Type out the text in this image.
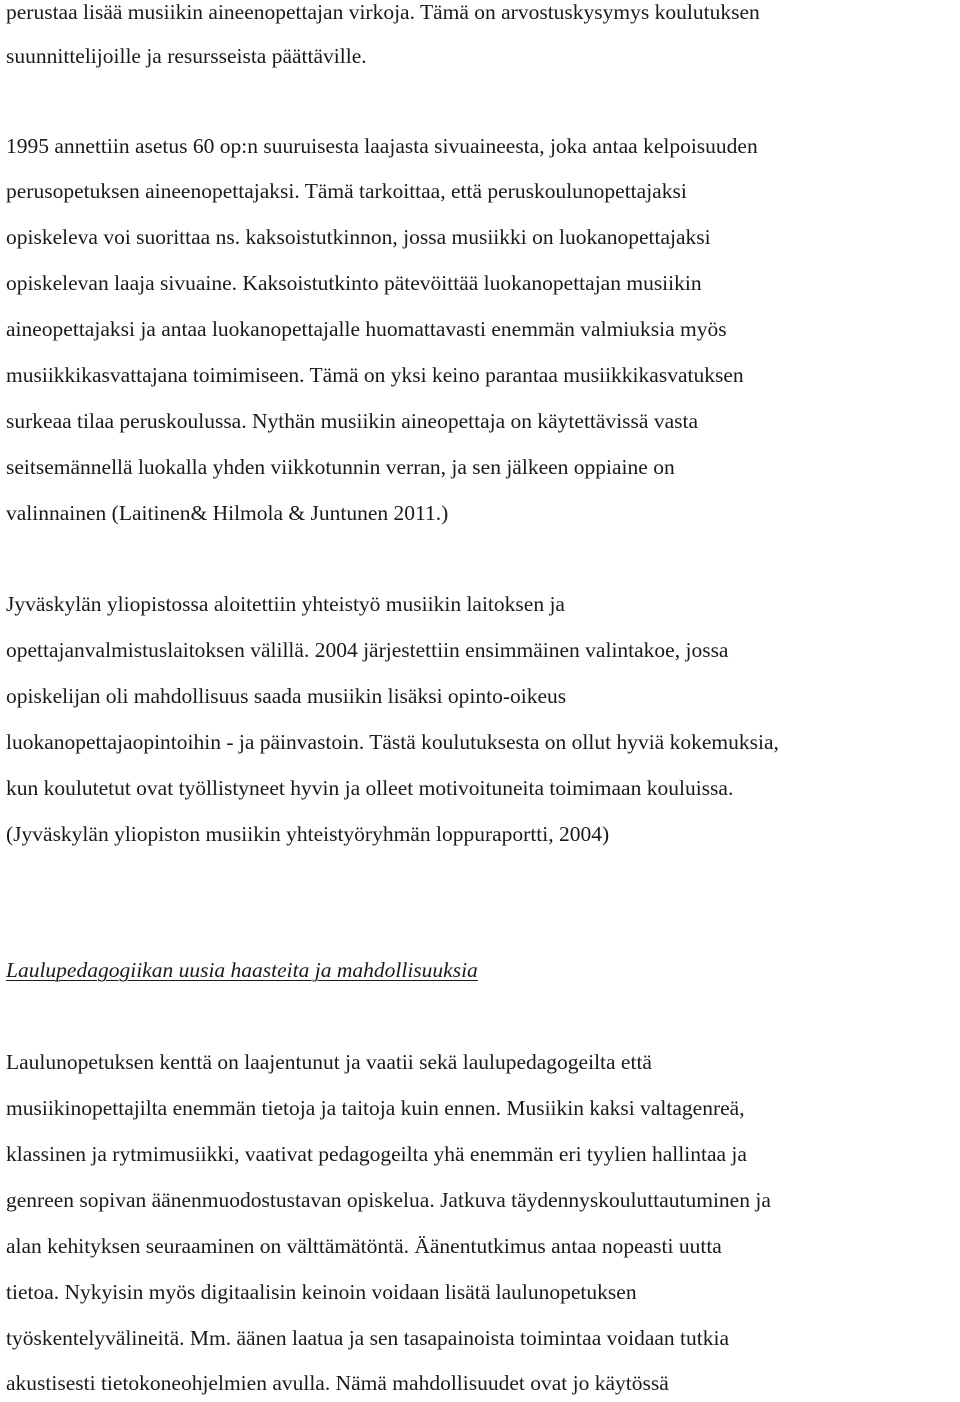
perustaa lisää musiikin aineenopettajan virkoja. Tämä on arvostuskysymys koulutuksen
suunnittelijoille ja resursseista päättäville.
1995 annettiin asetus 60 op:n suuruisesta laajasta sivuaineesta, joka antaa kelpoisuuden
perusopetuksen aineenopettajaksi. Tämä tarkoittaa, että peruskoulunopettajaksi
opiskeleva voi suorittaa ns. kaksoistutkinnon, jossa musiikki on luokanopettajaksi
opiskelevan laaja sivuaine. Kaksoistutkinto pätevöittää luokanopettajan musiikin
aineopettajaksi ja antaa luokanopettajalle huomattavasti enemmän valmiuksia myös
musiikkikasvattajana toimimiseen. Tämä on yksi keino parantaa musiikkikasvatuksen
surkeaa tilaa peruskoulussa. Nythän musiikin aineopettaja on käytettävissä vasta
seitsemännellä luokalla yhden viikkotunnin verran, ja sen jälkeen oppiaine on
valinnainen (Laitinen& Hilmola & Juntunen 2011.)
Jyväskylän yliopistossa aloitettiin yhteistyö musiikin laitoksen ja
opettajanvalmistuslaitoksen välillä. 2004 järjestettiin ensimmäinen valintakoe, jossa
opiskelijan oli mahdollisuus saada musiikin lisäksi opinto-oikeus
luokanopettajaopintoihin - ja päinvastoin. Tästä koulutuksesta on ollut hyviä kokemuksia,
kun koulutetut ovat työllistyneet hyvin ja olleet motivoituneita toimimaan kouluissa.
(Jyväskylän yliopiston musiikin yhteistyöryhmän loppuraportti, 2004)
Laulupedagogiikan uusia haasteita ja mahdollisuuksia
Laulunopetuksen kenttä on laajentunut ja vaatii sekä laulupedagogeilta että
musiikinopettajilta enemmän tietoja ja taitoja kuin ennen. Musiikin kaksi valtagenreä,
klassinen ja rytmimusiikki, vaativat pedagogeilta yhä enemmän eri tyylien hallintaa ja
genreen sopivan äänenmuodostustavan opiskelua. Jatkuva täydennyskouluttautuminen ja
alan kehityksen seuraaminen on välttämätöntä. Äänentutkimus antaa nopeasti uutta
tietoa. Nykyisin myös digitaalisin keinoin voidaan lisätä laulunopetuksen
työskentelyvälineitä. Mm. äänen laatua ja sen tasapainoista toimintaa voidaan tutkia
akustisesti tietokoneohjelmien avulla. Nämä mahdollisuudet ovat jo käytössä
